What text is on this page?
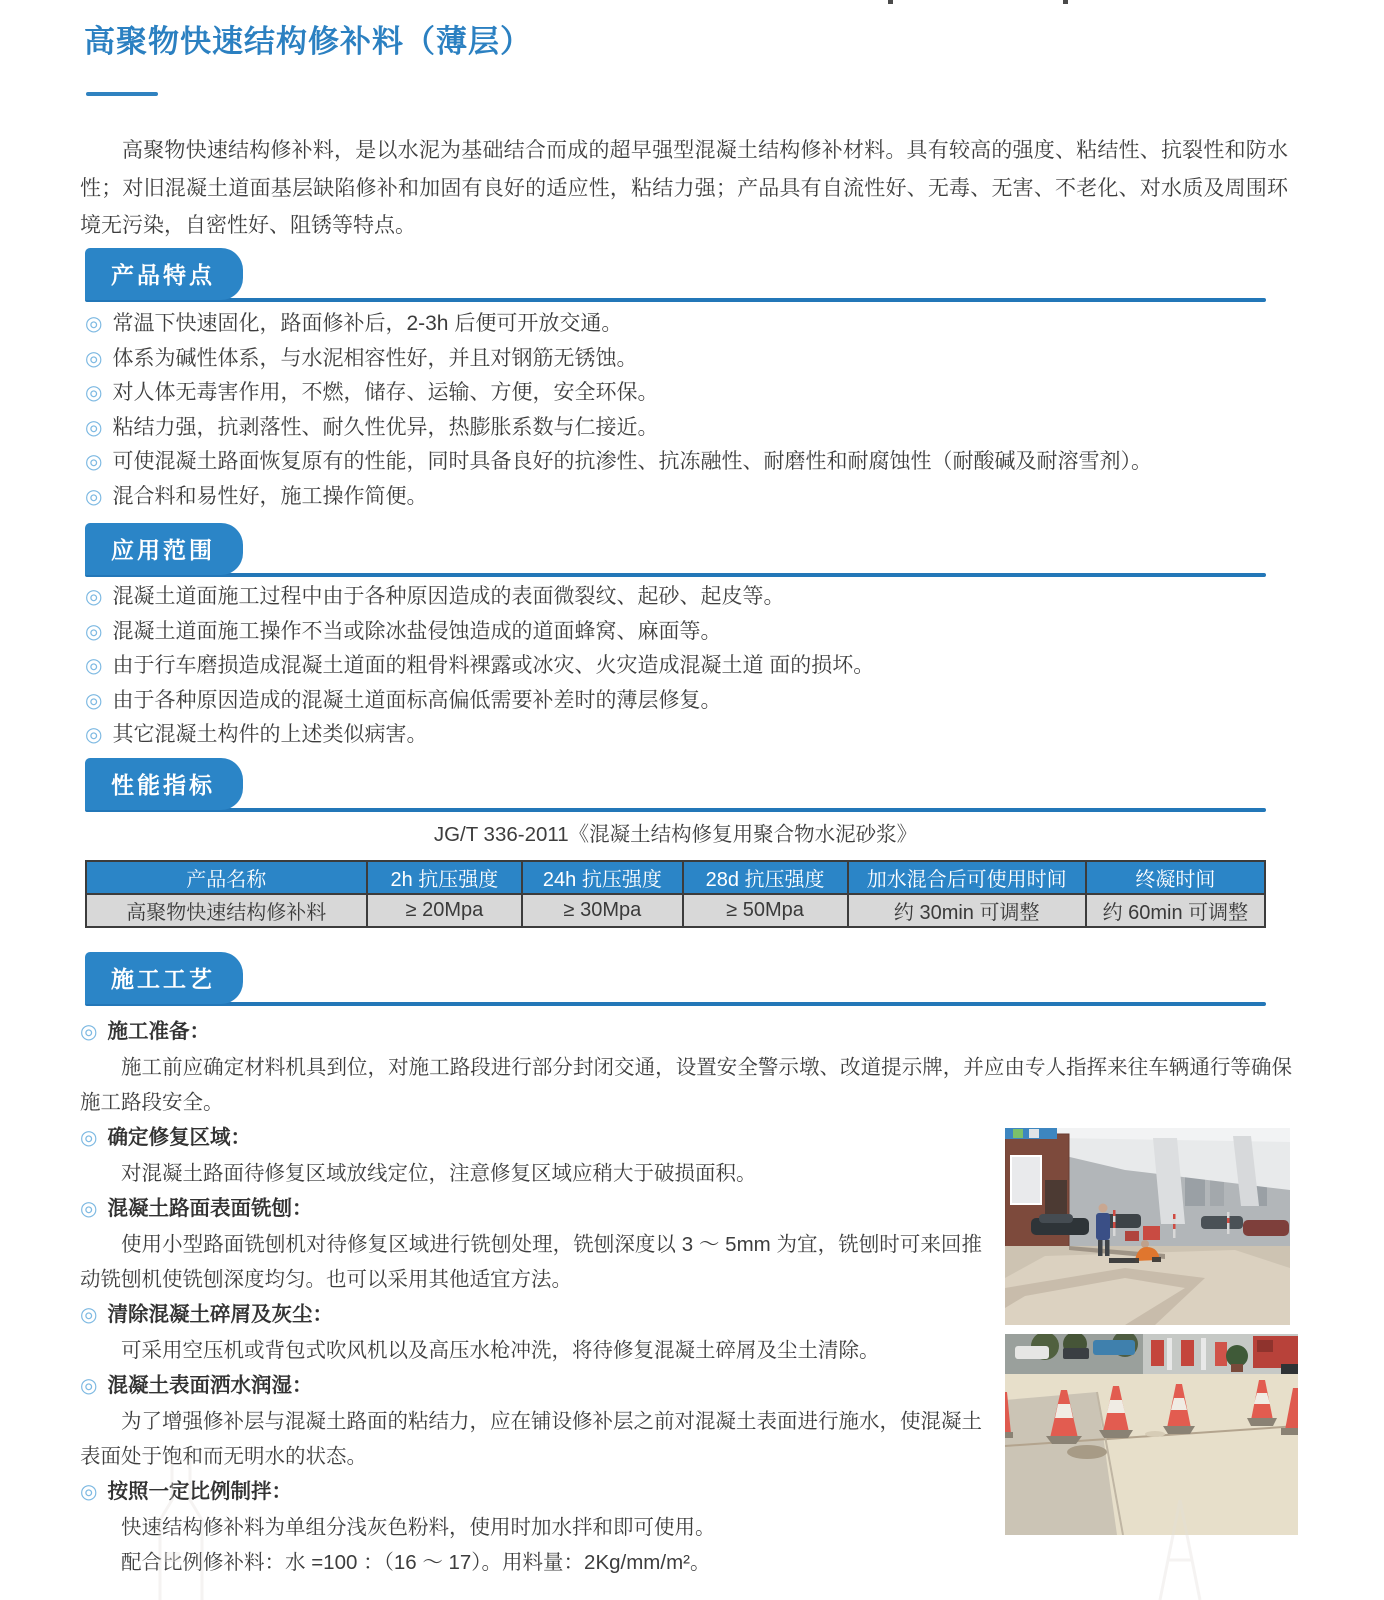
高聚物快速结构修补料（薄层）
高聚物快速结构修补料，是以水泥为基础结合而成的超早强型混凝土结构修补材料。具有较高的强度、粘结性、抗裂性和防水性；对旧混凝土道面基层缺陷修补和加固有良好的适应性，粘结力强；产品具有自流性好、无毒、无害、不老化、对水质及周围环境无污染，自密性好、阻锈等特点。
产品特点
◎ 常温下快速固化，路面修补后，2-3h 后便可开放交通。
◎ 体系为碱性体系，与水泥相容性好，并且对钢筋无锈蚀。
◎ 对人体无毒害作用，不燃，储存、运输、方便，安全环保。
◎ 粘结力强，抗剥落性、耐久性优异，热膨胀系数与仁接近。
◎ 可使混凝土路面恢复原有的性能，同时具备良好的抗渗性、抗冻融性、耐磨性和耐腐蚀性（耐酸碱及耐溶雪剂）。
◎ 混合料和易性好，施工操作简便。
应用范围
◎ 混凝土道面施工过程中由于各种原因造成的表面微裂纹、起砂、起皮等。
◎ 混凝土道面施工操作不当或除冰盐侵蚀造成的道面蜂窝、麻面等。
◎ 由于行车磨损造成混凝土道面的粗骨料裸露或冰灾、火灾造成混凝土道 面的损坏。
◎ 由于各种原因造成的混凝土道面标高偏低需要补差时的薄层修复。
◎ 其它混凝土构件的上述类似病害。
性能指标
JG/T 336-2011《混凝土结构修复用聚合物水泥砂浆》
产品名称	2h 抗压强度	24h 抗压强度	28d 抗压强度	加水混合后可使用时间	终凝时间
高聚物快速结构修补料	≥ 20Mpa	≥ 30Mpa	≥ 50Mpa	约 30min 可调整	约 60min 可调整
施工工艺
◎ 施工准备：

施工前应确定材料机具到位，对施工路段进行部分封闭交通，设置安全警示墩、改道提示牌，并应由专人指挥来往车辆通行等确保施工路段安全。

◎ 确定修复区域：

对混凝土路面待修复区域放线定位，注意修复区域应稍大于破损面积。

◎ 混凝土路面表面铣刨：

使用小型路面铣刨机对待修复区域进行铣刨处理，铣刨深度以 3 ～ 5mm 为宜，铣刨时可来回推动铣刨机使铣刨深度均匀。也可以采用其他适宜方法。

◎ 清除混凝土碎屑及灰尘：

可采用空压机或背包式吹风机以及高压水枪冲洗，将待修复混凝土碎屑及尘土清除。

◎ 混凝土表面洒水润湿：

为了增强修补层与混凝土路面的粘结力，应在铺设修补层之前对混凝土表面进行施水，使混凝土表面处于饱和而无明水的状态。

◎ 按照一定比例制拌：

快速结构修补料为单组分浅灰色粉料，使用时加水拌和即可使用。

配合比例修补料：水 =100 ：（16 ～ 17）。用料量：2Kg/mm/m²。
